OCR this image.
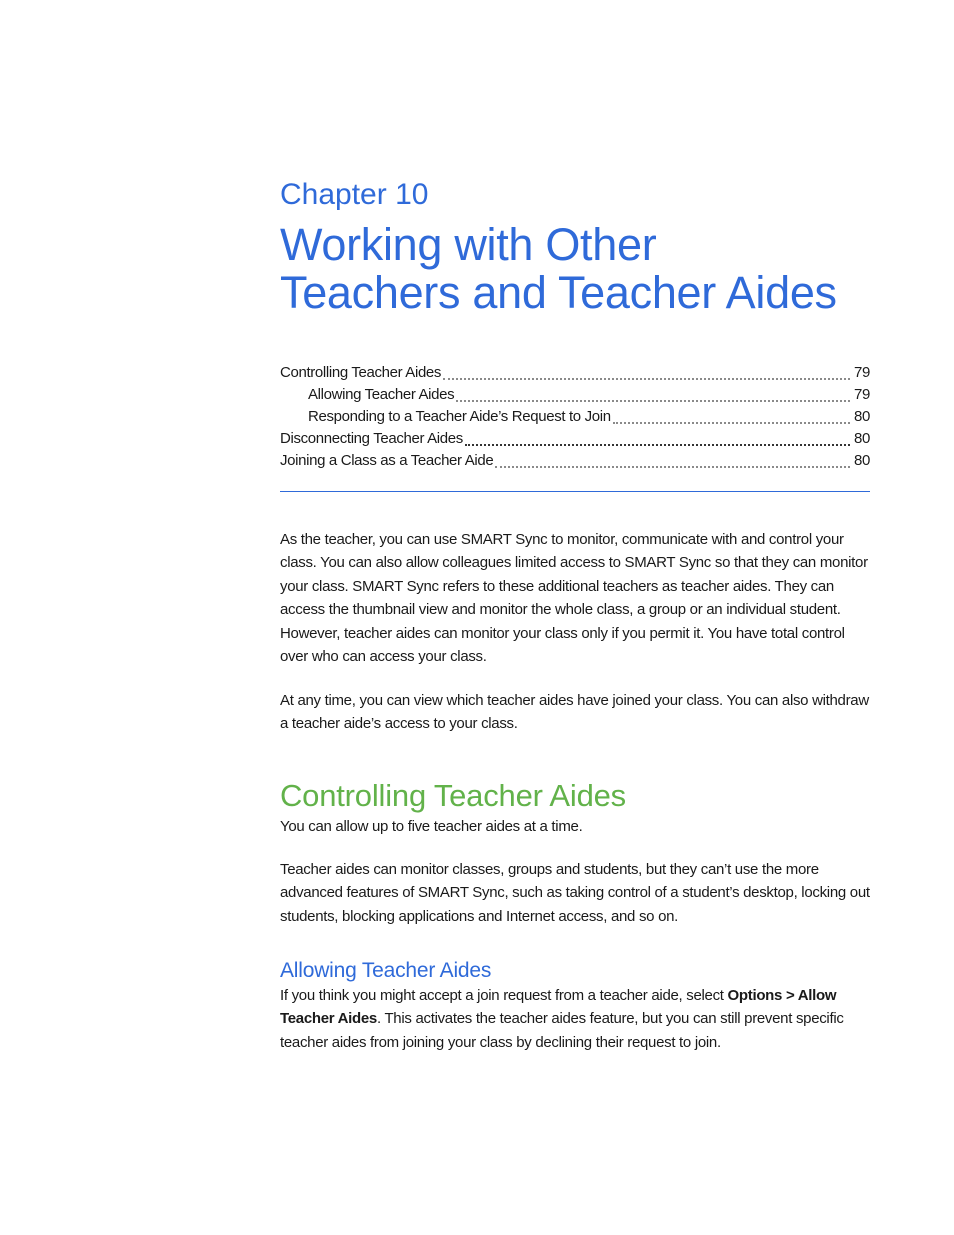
Chapter 10
Working with Other
Teachers and Teacher Aides
Controlling Teacher Aides	79
Allowing Teacher Aides	79
Responding to a Teacher Aide’s Request to Join	80
Disconnecting Teacher Aides	80
Joining a Class as a Teacher Aide	80

As the teacher, you can use SMART Sync to monitor, communicate with and control your class. You can also allow colleagues limited access to SMART Sync so that they can monitor your class. SMART Sync refers to these additional teachers as teacher aides. They can access the thumbnail view and monitor the whole class, a group or an individual student. However, teacher aides can monitor your class only if you permit it. You have total control over who can access your class.

At any time, you can view which teacher aides have joined your class. You can also withdraw a teacher aide’s access to your class.

Controlling Teacher Aides

You can allow up to five teacher aides at a time.

Teacher aides can monitor classes, groups and students, but they can’t use the more advanced features of SMART Sync, such as taking control of a student’s desktop, locking out students, blocking applications and Internet access, and so on.

Allowing Teacher Aides

If you think you might accept a join request from a teacher aide, select Options > Allow Teacher Aides. This activates the teacher aides feature, but you can still prevent specific teacher aides from joining your class by declining their request to join.
